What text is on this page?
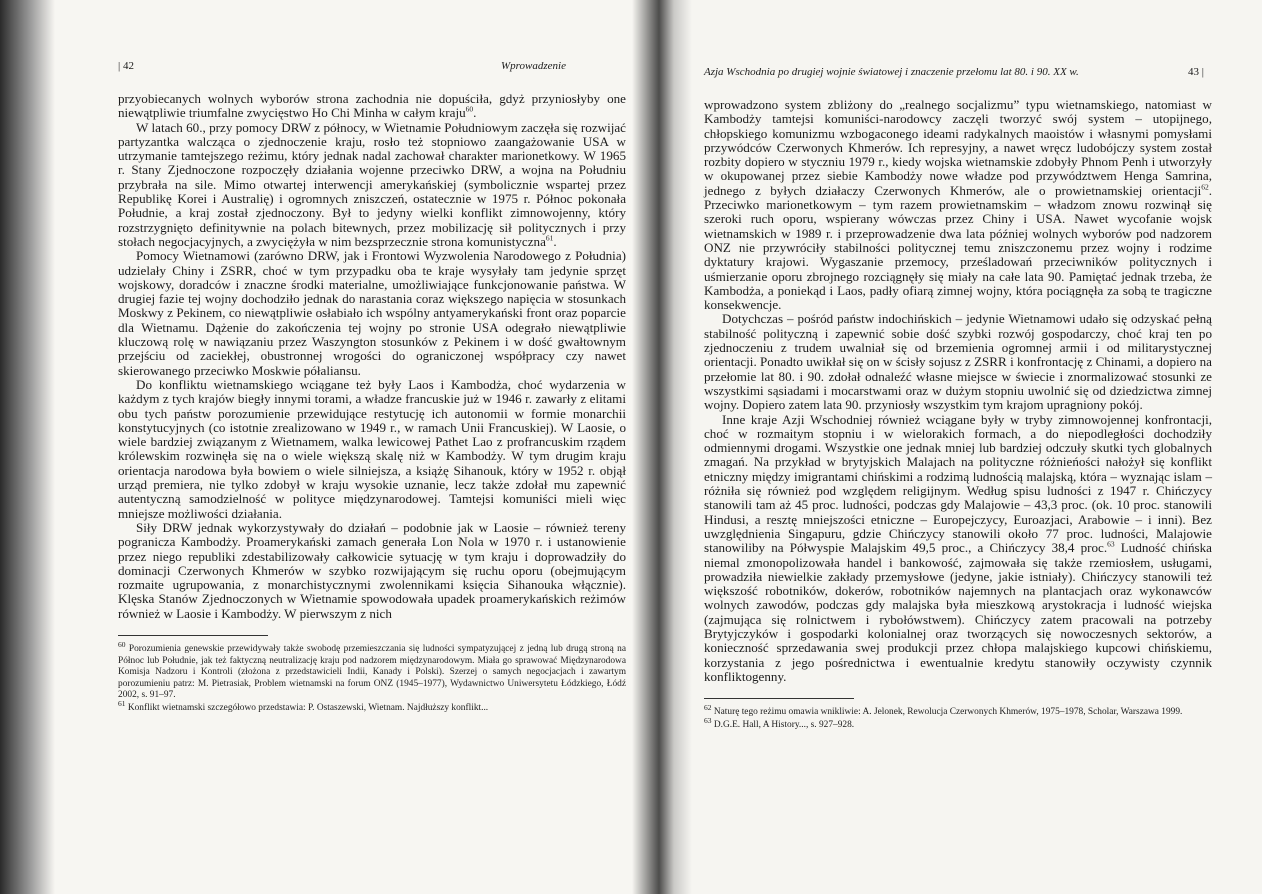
| 42	Wprowadzenie

przyobiecanych wolnych wyborów strona zachodnia nie dopuściła, gdyż przyniosłyby one niewątpliwie triumfalne zwycięstwo Ho Chi Minha w całym kraju$^{60}$.

W latach 60., przy pomocy DRW z północy, w Wietnamie Południowym zaczęła się rozwijać partyzantka walcząca o zjednoczenie kraju, rosło też stopniowo zaangażowanie USA w utrzymanie tamtejszego reżimu, który jednak nadal zachował charakter marionetkowy. W 1965 r. Stany Zjednoczone rozpoczęły działania wojenne przeciwko DRW, a wojna na Południu przybrała na sile. Mimo otwartej interwencji amerykańskiej (symbolicznie wspartej przez Republikę Korei i Australię) i ogromnych zniszczeń, ostatecznie w 1975 r. Północ pokonała Południe, a kraj został zjednoczony. Był to jedyny wielki konflikt zimnowojenny, który rozstrzygnięto definitywnie na polach bitewnych, przez mobilizację sił politycznych i przy stołach negocjacyjnych, a zwyciężyła w nim bezsprzecznie strona komunistyczna$^{61}$.

Pomocy Wietnamowi (zarówno DRW, jak i Frontowi Wyzwolenia Narodowego z Południa) udzielały Chiny i ZSRR, choć w tym przypadku oba te kraje wysyłały tam jedynie sprzęt wojskowy, doradców i znaczne środki materialne, umożliwiające funkcjonowanie państwa. W drugiej fazie tej wojny dochodziło jednak do narastania coraz większego napięcia w stosunkach Moskwy z Pekinem, co niewątpliwie osłabiało ich wspólny antyamerykański front oraz poparcie dla Wietnamu. Dążenie do zakończenia tej wojny po stronie USA odegrało niewątpliwie kluczową rolę w nawiązaniu przez Waszyngton stosunków z Pekinem i w dość gwałtownym przejściu od zaciekłej, obustronnej wrogości do ograniczonej współpracy czy nawet skierowanego przeciwko Moskwie półaliansu.

Do konfliktu wietnamskiego wciągane też były Laos i Kambodża, choć wydarzenia w każdym z tych krajów biegły innymi torami, a władze francuskie już w 1946 r. zawarły z elitami obu tych państw porozumienie przewidujące restytucję ich autonomii w formie monarchii konstytucyjnych (co istotnie zrealizowano w 1949 r., w ramach Unii Francuskiej). W Laosie, o wiele bardziej związanym z Wietnamem, walka lewicowej Pathet Lao z profrancuskim rządem królewskim rozwinęła się na o wiele większą skalę niż w Kambodży. W tym drugim kraju orientacja narodowa była bowiem o wiele silniejsza, a książę Sihanouk, który w 1952 r. objął urząd premiera, nie tylko zdobył w kraju wysokie uznanie, lecz także zdołał mu zapewnić autentyczną samodzielność w polityce międzynarodowej. Tamtejsi komuniści mieli więc mniejsze możliwości działania.

Siły DRW jednak wykorzystywały do działań – podobnie jak w Laosie – również tereny pogranicza Kambodży. Proamerykański zamach generała Lon Nola w 1970 r. i ustanowienie przez niego republiki zdestabilizowały całkowicie sytuację w tym kraju i doprowadziły do dominacji Czerwonych Khmerów w szybko rozwijającym się ruchu oporu (obejmującym rozmaite ugrupowania, z monarchistycznymi zwolennikami księcia Sihanouka włącznie). Klęska Stanów Zjednoczonych w Wietnamie spowodowała upadek proamerykańskich reżimów również w Laosie i Kambodży. W pierwszym z nich

$^{60}$ Porozumienia genewskie przewidywały także swobodę przemieszczania się ludności sympatyzującej z jedną lub drugą stroną na Północ lub Południe, jak też faktyczną neutralizację kraju pod nadzorem międzynarodowym. Miała go sprawować Międzynarodowa Komisja Nadzoru i Kontroli (złożona z przedstawicieli Indii, Kanady i Polski). Szerzej o samych negocjacjach i zawartym porozumieniu patrz: M. Pietrasiak, Problem wietnamski na forum ONZ (1945–1977), Wydawnictwo Uniwersytetu Łódzkiego, Łódź 2002, s. 91–97.

$^{61}$ Konflikt wietnamski szczegółowo przedstawia: P. Ostaszewski, Wietnam. Najdłuższy konflikt...

Azja Wschodnia po drugiej wojnie światowej i znaczenie przełomu lat 80. i 90. XX w.	43 |

wprowadzono system zbliżony do „realnego socjalizmu” typu wietnamskiego, natomiast w Kambodży tamtejsi komuniści-narodowcy zaczęli tworzyć swój system – utopijnego, chłopskiego komunizmu wzbogaconego ideami radykalnych maoistów i własnymi pomysłami przywódców Czerwonych Khmerów. Ich represyjny, a nawet wręcz ludobójczy system został rozbity dopiero w styczniu 1979 r., kiedy wojska wietnamskie zdobyły Phnom Penh i utworzyły w okupowanej przez siebie Kambodży nowe władze pod przywództwem Henga Samrina, jednego z byłych działaczy Czerwonych Khmerów, ale o prowietnamskiej orientacji$^{62}$. Przeciwko marionetkowym – tym razem prowietnamskim – władzom znowu rozwinął się szeroki ruch oporu, wspierany wówczas przez Chiny i USA. Nawet wycofanie wojsk wietnamskich w 1989 r. i przeprowadzenie dwa lata później wolnych wyborów pod nadzorem ONZ nie przywróciły stabilności politycznej temu zniszczonemu przez wojny i rodzime dyktatury krajowi. Wygaszanie przemocy, prześladowań przeciwników politycznych i uśmierzanie oporu zbrojnego rozciągnęły się miały na całe lata 90. Pamiętać jednak trzeba, że Kambodża, a poniekąd i Laos, padły ofiarą zimnej wojny, która pociągnęła za sobą te tragiczne konsekwencje.

Dotychczas – pośród państw indochińskich – jedynie Wietnamowi udało się odzyskać pełną stabilność polityczną i zapewnić sobie dość szybki rozwój gospodarczy, choć kraj ten po zjednoczeniu z trudem uwalniał się od brzemienia ogromnej armii i od militarystycznej orientacji. Ponadto uwikłał się on w ścisły sojusz z ZSRR i konfrontację z Chinami, a dopiero na przełomie lat 80. i 90. zdołał odnaleźć własne miejsce w świecie i znormalizować stosunki ze wszystkimi sąsiadami i mocarstwami oraz w dużym stopniu uwolnić się od dziedzictwa zimnej wojny. Dopiero zatem lata 90. przyniosły wszystkim tym krajom upragniony pokój.

Inne kraje Azji Wschodniej również wciągane były w tryby zimnowojennej konfrontacji, choć w rozmaitym stopniu i w wielorakich formach, a do niepodległości dochodziły odmiennymi drogami. Wszystkie one jednak mniej lub bardziej odczuły skutki tych globalnych zmagań. Na przykład w brytyjskich Malajach na polityczne różnieńości nałożył się konflikt etniczny między imigrantami chińskimi a rodzimą ludnością malajską, która – wyznając islam – różniła się również pod względem religijnym. Według spisu ludności z 1947 r. Chińczycy stanowili tam aż 45 proc. ludności, podczas gdy Malajowie – 43,3 proc. (ok. 10 proc. stanowili Hindusi, a resztę mniejszości etniczne – Europejczycy, Euroazjaci, Arabowie – i inni). Bez uwzględnienia Singapuru, gdzie Chińczycy stanowili około 77 proc. ludności, Malajowie stanowiliby na Półwyspie Malajskim 49,5 proc., a Chińczycy 38,4 proc.$^{63}$ Ludność chińska niemal zmonopolizowała handel i bankowość, zajmowała się także rzemiosłem, usługami, prowadziła niewielkie zakłady przemysłowe (jedyne, jakie istniały). Chińczycy stanowili też większość robotników, dokerów, robotników najemnych na plantacjach oraz wykonawców wolnych zawodów, podczas gdy malajska była mieszkową arystokracja i ludność wiejska (zajmująca się rolnictwem i rybołówstwem). Chińczycy zatem pracowali na potrzeby Brytyjczyków i gospodarki kolonialnej oraz tworzących się nowoczesnych sektorów, a konieczność sprzedawania swej produkcji przez chłopa malajskiego kupcowi chińskiemu, korzystania z jego pośrednictwa i ewentualnie kredytu stanowiły oczywisty czynnik konfliktogenny.

$^{62}$ Naturę tego reżimu omawia wnikliwie: A. Jelonek, Rewolucja Czerwonych Khmerów, 1975–1978, Scholar, Warszawa 1999.

$^{63}$ D.G.E. Hall, A History..., s. 927–928.
